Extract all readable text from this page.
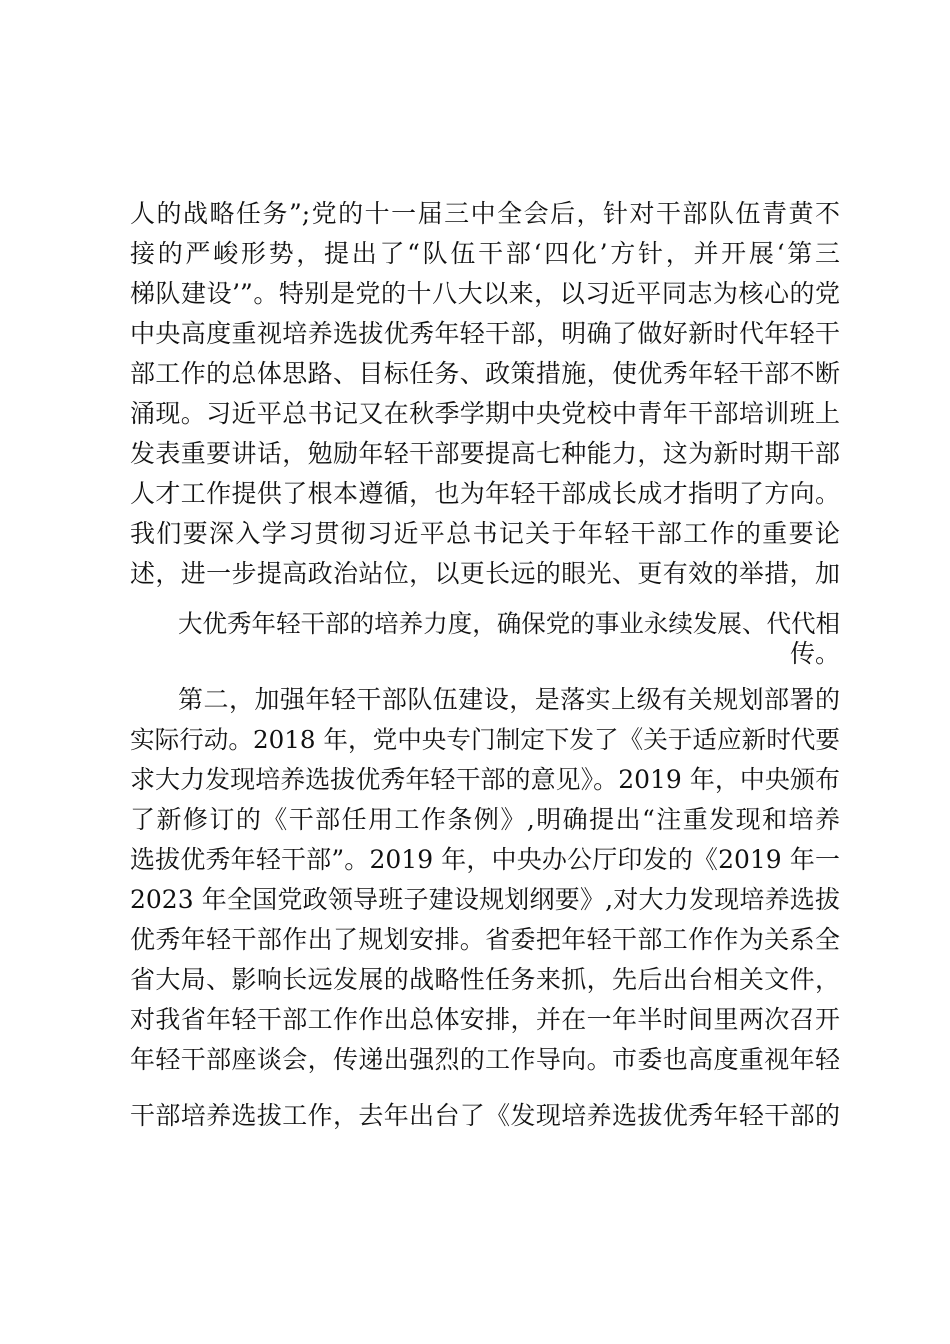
人的战略任务”;党的十一届三中全会后，针对干部队伍青黄不
接的严峻形势，提出了“队伍干部‘四化’方针，并开展‘第三
梯队建设’”。特别是党的十八大以来，以习近平同志为核心的党
中央高度重视培养选拔优秀年轻干部，明确了做好新时代年轻干
部工作的总体思路、目标任务、政策措施，使优秀年轻干部不断
涌现。习近平总书记又在秋季学期中央党校中青年干部培训班上
发表重要讲话，勉励年轻干部要提高七种能力，这为新时期干部
人才工作提供了根本遵循，也为年轻干部成长成才指明了方向。
我们要深入学习贯彻习近平总书记关于年轻干部工作的重要论
述，进一步提高政治站位，以更长远的眼光、更有效的举措，加
大优秀年轻干部的培养力度，确保党的事业永续发展、代代相
传。
第二，加强年轻干部队伍建设，是落实上级有关规划部署的
实际行动。2018 年，党中央专门制定下发了《关于适应新时代要
求大力发现培养选拔优秀年轻干部的意见》。2019 年，中央颁布
了新修订的《干部任用工作条例》,明确提出“注重发现和培养
选拔优秀年轻干部”。2019 年，中央办公厅印发的《2019 年一
2023 年全国党政领导班子建设规划纲要》,对大力发现培养选拔
优秀年轻干部作出了规划安排。省委把年轻干部工作作为关系全
省大局、影响长远发展的战略性任务来抓，先后出台相关文件，
对我省年轻干部工作作出总体安排，并在一年半时间里两次召开
年轻干部座谈会，传递出强烈的工作导向。市委也高度重视年轻
干部培养选拔工作，去年出台了《发现培养选拔优秀年轻干部的
